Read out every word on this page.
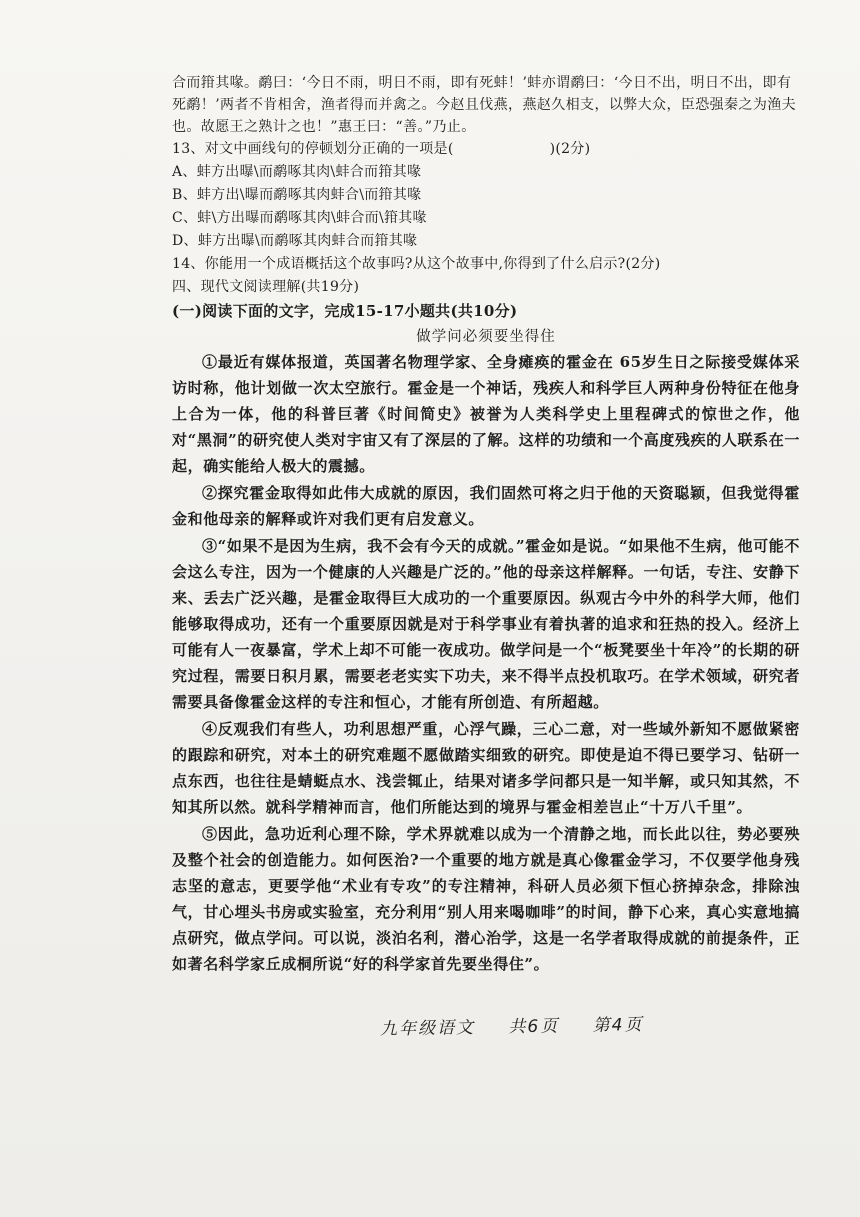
合而箝其喙。鹬曰：‘今日不雨，明日不雨，即有死蚌！’蚌亦谓鹬曰：‘今日不出，明日不出，即有死鹬！’两者不肯相舍，渔者得而并禽之。今赵且伐燕，燕赵久相支，以弊大众，臣恐强秦之为渔夫也。故愿王之熟计之也！”惠王曰：“善。”乃止。

13、对文中画线句的停顿划分正确的一项是(	)(2分)

A、蚌方出曝\而鹬啄其肉\蚌合而箝其喙

B、蚌方出\曝而鹬啄其肉蚌合\而箝其喙

C、蚌\方出曝而鹬啄其肉\蚌合而\箝其喙

D、蚌方出曝\而鹬啄其肉蚌合而箝其喙

14、你能用一个成语概括这个故事吗?从这个故事中,你得到了什么启示?(2分)

四、现代文阅读理解(共19分)

(一)阅读下面的文字，完成15-17小题共(共10分)

做学问必须要坐得住

①最近有媒体报道，英国著名物理学家、全身瘫痪的霍金在 65岁生日之际接受媒体采访时称，他计划做一次太空旅行。霍金是一个神话，残疾人和科学巨人两种身份特征在他身上合为一体，他的科普巨著《时间简史》被誉为人类科学史上里程碑式的惊世之作，他对“黑洞”的研究使人类对宇宙又有了深层的了解。这样的功绩和一个高度残疾的人联系在一起，确实能给人极大的震撼。

②探究霍金取得如此伟大成就的原因，我们固然可将之归于他的天资聪颖，但我觉得霍金和他母亲的解释或许对我们更有启发意义。

③“如果不是因为生病，我不会有今天的成就。”霍金如是说。“如果他不生病，他可能不会这么专注，因为一个健康的人兴趣是广泛的。”他的母亲这样解释。一句话，专注、安静下来、丢去广泛兴趣，是霍金取得巨大成功的一个重要原因。纵观古今中外的科学大师，他们能够取得成功，还有一个重要原因就是对于科学事业有着执著的追求和狂热的投入。经济上可能有人一夜暴富，学术上却不可能一夜成功。做学问是一个“板凳要坐十年冷”的长期的研究过程，需要日积月累，需要老老实实下功夫，来不得半点投机取巧。在学术领域，研究者需要具备像霍金这样的专注和恒心，才能有所创造、有所超越。

④反观我们有些人，功利思想严重，心浮气躁，三心二意，对一些域外新知不愿做紧密的跟踪和研究，对本土的研究难题不愿做踏实细致的研究。即使是迫不得已要学习、钻研一点东西，也往往是蜻蜓点水、浅尝辄止，结果对诸多学问都只是一知半解，或只知其然，不知其所以然。就科学精神而言，他们所能达到的境界与霍金相差岂止“十万八千里”。

⑤因此，急功近利心理不除，学术界就难以成为一个清静之地，而长此以往，势必要殃及整个社会的创造能力。如何医治?一个重要的地方就是真心像霍金学习，不仅要学他身残志坚的意志，更要学他“术业有专攻”的专注精神，科研人员必须下恒心挤掉杂念，排除浊气，甘心埋头书房或实验室，充分利用“别人用来喝咖啡”的时间，静下心来，真心实意地搞点研究，做点学问。可以说，淡泊名利，潜心治学，这是一名学者取得成就的前提条件，正如著名科学家丘成桐所说“好的科学家首先要坐得住”。

九年级语文 共6页 第4页
